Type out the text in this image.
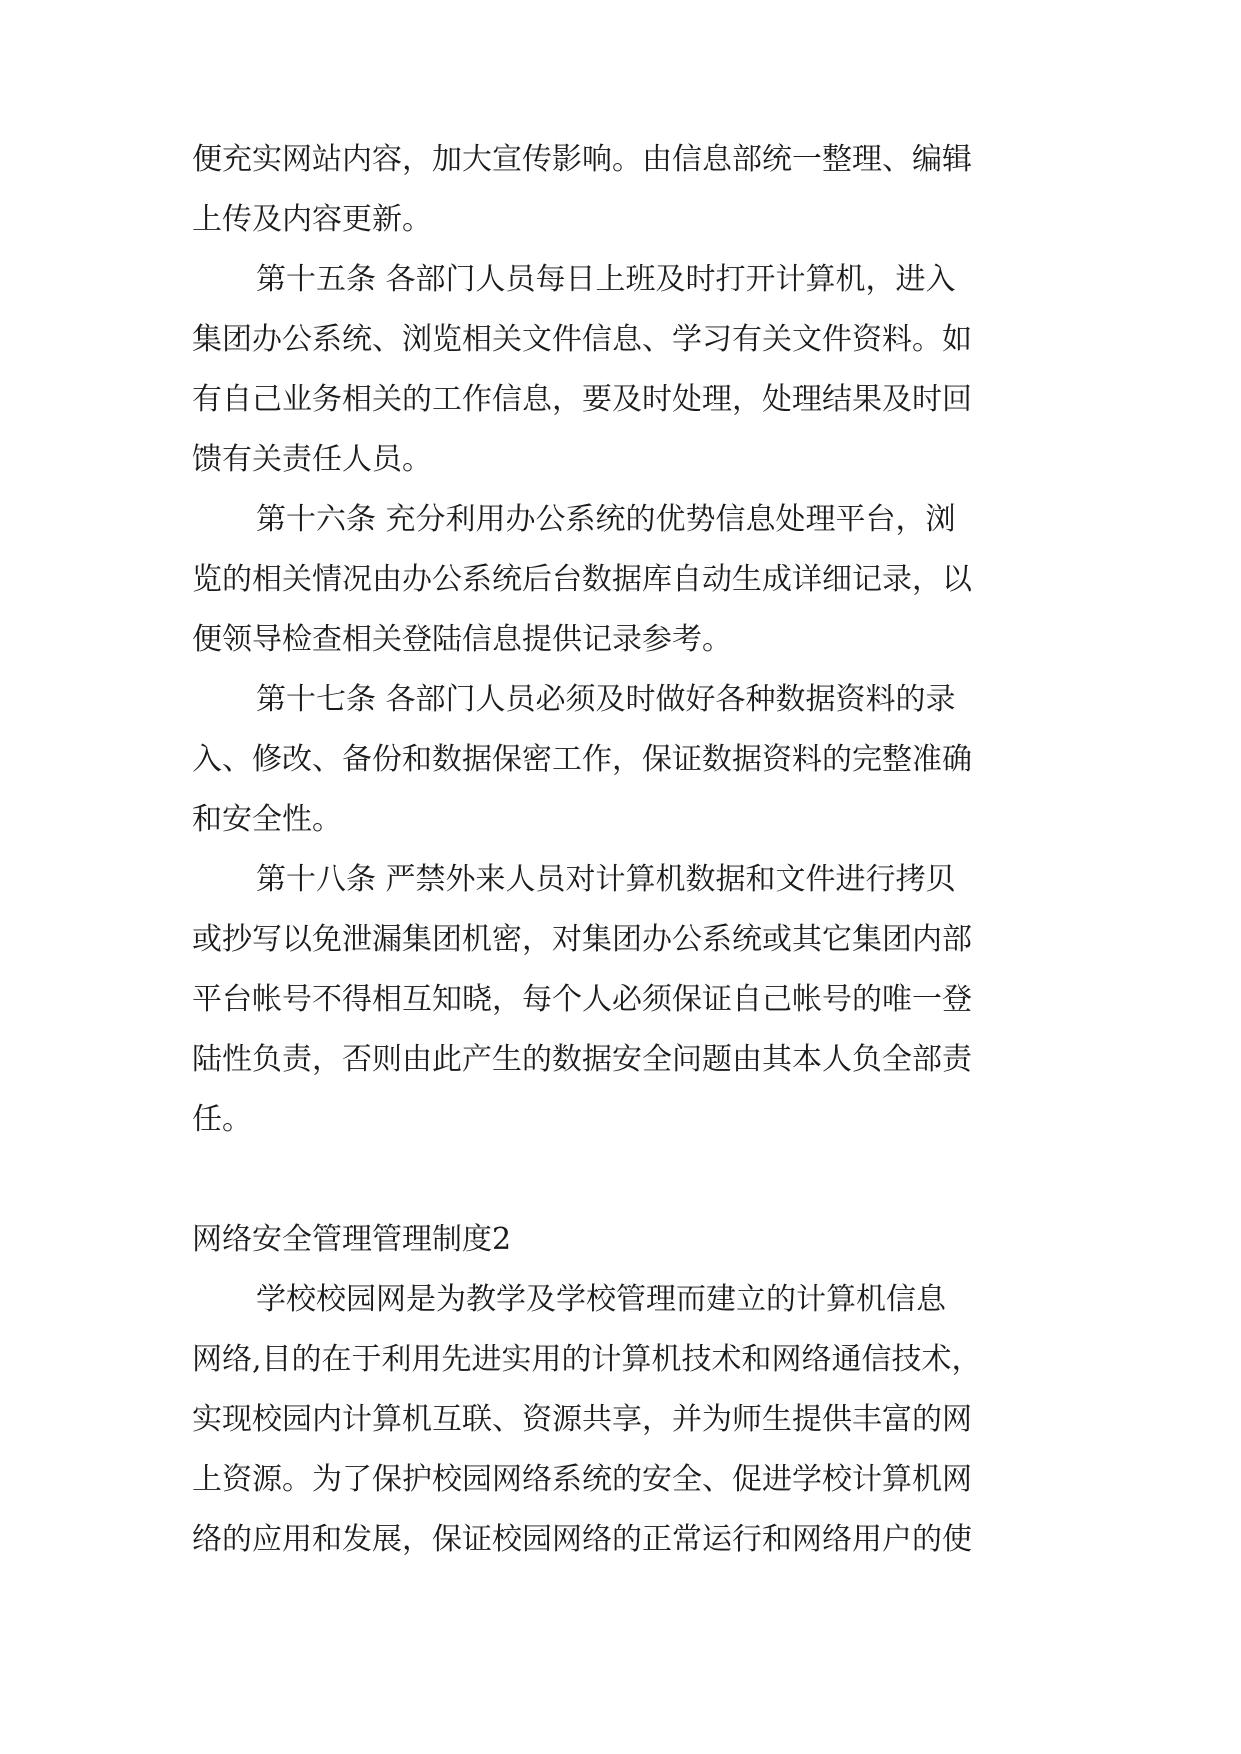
便充实网站内容，加大宣传影响。由信息部统一整理、编辑
上传及内容更新。
第十五条 各部门人员每日上班及时打开计算机，进入
集团办公系统、浏览相关文件信息、学习有关文件资料。如
有自己业务相关的工作信息，要及时处理，处理结果及时回
馈有关责任人员。
第十六条 充分利用办公系统的优势信息处理平台，浏
览的相关情况由办公系统后台数据库自动生成详细记录，以
便领导检查相关登陆信息提供记录参考。
第十七条 各部门人员必须及时做好各种数据资料的录
入、修改、备份和数据保密工作，保证数据资料的完整准确
和安全性。
第十八条 严禁外来人员对计算机数据和文件进行拷贝
或抄写以免泄漏集团机密，对集团办公系统或其它集团内部
平台帐号不得相互知晓，每个人必须保证自己帐号的唯一登
陆性负责，否则由此产生的数据安全问题由其本人负全部责
任。
网络安全管理管理制度2
学校校园网是为教学及学校管理而建立的计算机信息
网络,目的在于利用先进实用的计算机技术和网络通信技术，
实现校园内计算机互联、资源共享，并为师生提供丰富的网
上资源。为了保护校园网络系统的安全、促进学校计算机网
络的应用和发展，保证校园网络的正常运行和网络用户的使
